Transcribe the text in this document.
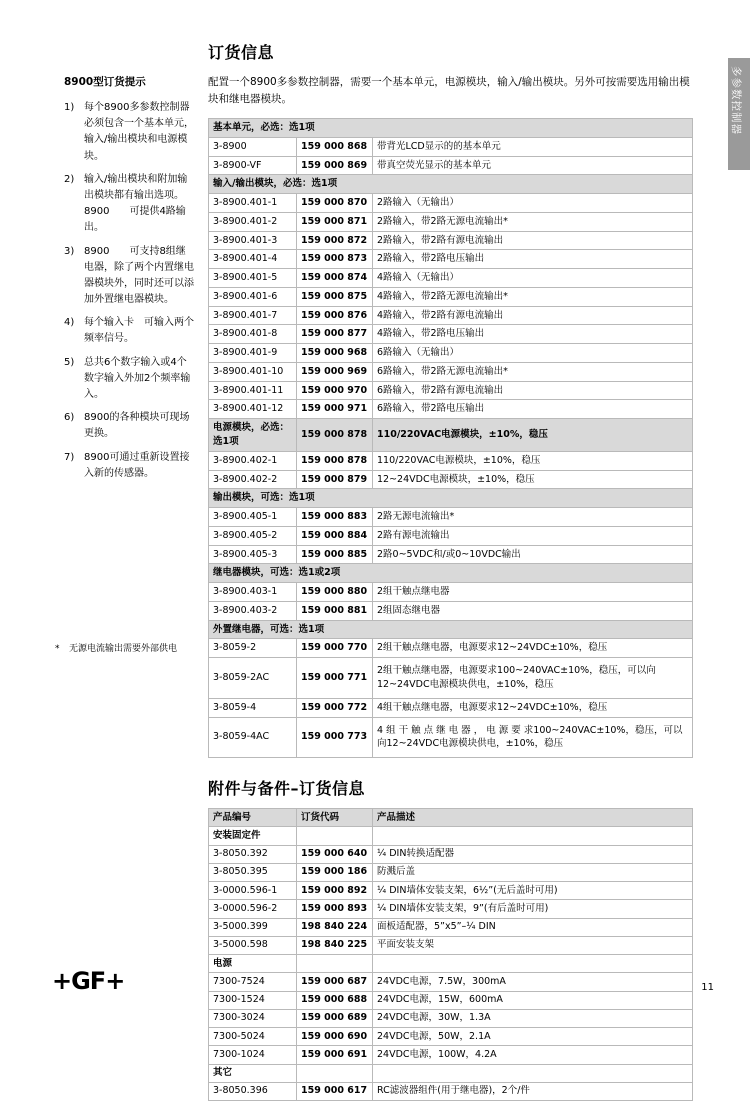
多参数控制器
8900型订货提示
1) 每个8900多参数控制器必须包含一个基本单元，输入/输出模块和电源模块。
2) 输入/输出模块和附加输出模块都有输出选项。8900　　可提供4路输出。
3) 8900　　可支持8组继电器，除了两个内置继电器模块外，同时还可以添加外置继电器模块。
4) 每个输入卡　可输入两个频率信号。
5) 总共6个数字输入或4个数字输入外加2个频率输入。
6) 8900的各种模块可现场更换。
7) 8900可通过重新设置接入新的传感器。
*	无源电流输出需要外部供电
订货信息
配置一个8900多参数控制器，需要一个基本单元，电源模块，输入/输出模块。另外可按需要选用输出模块和继电器模块。
基本单元，必选：选1项		
3-8900	159 000 868	带背光LCD显示的的基本单元
3-8900-VF	159 000 869	带真空荧光显示的基本单元
输入/输出模块，必选：选1项		
3-8900.401-1	159 000 870	2路输入（无输出）
3-8900.401-2	159 000 871	2路输入，带2路无源电流输出*
3-8900.401-3	159 000 872	2路输入，带2路有源电流输出
3-8900.401-4	159 000 873	2路输入，带2路电压输出
3-8900.401-5	159 000 874	4路输入（无输出）
3-8900.401-6	159 000 875	4路输入，带2路无源电流输出*
3-8900.401-7	159 000 876	4路输入，带2路有源电流输出
3-8900.401-8	159 000 877	4路输入，带2路电压输出
3-8900.401-9	159 000 968	6路输入（无输出）
3-8900.401-10	159 000 969	6路输入，带2路无源电流输出*
3-8900.401-11	159 000 970	6路输入，带2路有源电流输出
3-8900.401-12	159 000 971	6路输入，带2路电压输出
电源模块，必选：选1项	159 000 878	110/220VAC电源模块，±10%，稳压
3-8900.402-1	159 000 878	110/220VAC电源模块，±10%，稳压
3-8900.402-2	159 000 879	12~24VDC电源模块，±10%，稳压
输出模块，可选：选1项		
3-8900.405-1	159 000 883	2路无源电流输出*
3-8900.405-2	159 000 884	2路有源电流输出
3-8900.405-3	159 000 885	2路0~5VDC和/或0~10VDC输出
继电器模块，可选：选1或2项		
3-8900.403-1	159 000 880	2组干触点继电器
3-8900.403-2	159 000 881	2组固态继电器
外置继电器，可选：选1项		
3-8059-2	159 000 770	2组干触点继电器，电源要求12~24VDC±10%，稳压
3-8059-2AC	159 000 771	2组干触点继电器，电源要求100~240VAC±10%，稳压，可以向12~24VDC电源模块供电，±10%，稳压
3-8059-4	159 000 772	4组干触点继电器，电源要求12~24VDC±10%，稳压
3-8059-4AC	159 000 773	4 组 干 触 点 继 电 器 ， 电 源 要 求100~240VAC±10%，稳压，可以向12~24VDC电源模块供电，±10%，稳压
附件与备件–订货信息
产品编号	订货代码	产品描述
安装固定件		
3-8050.392	159 000 640	¼ DIN转换适配器
3-8050.395	159 000 186	防溅后盖
3-0000.596-1	159 000 892	¼ DIN墙体安装支架，6½”(无后盖时可用)
3-0000.596-2	159 000 893	¼ DIN墙体安装支架，9”(有后盖时可用)
3-5000.399	198 840 224	面板适配器，5”x5”–¼ DIN
3-5000.598	198 840 225	平面安装支架
电源		
7300-7524	159 000 687	24VDC电源，7.5W，300mA
7300-1524	159 000 688	24VDC电源，15W，600mA
7300-3024	159 000 689	24VDC电源，30W，1.3A
7300-5024	159 000 690	24VDC电源，50W，2.1A
7300-1024	159 000 691	24VDC电源，100W，4.2A
其它		
3-8050.396	159 000 617	RC滤波器组件(用于继电器)，2个/件
+GF+	11
